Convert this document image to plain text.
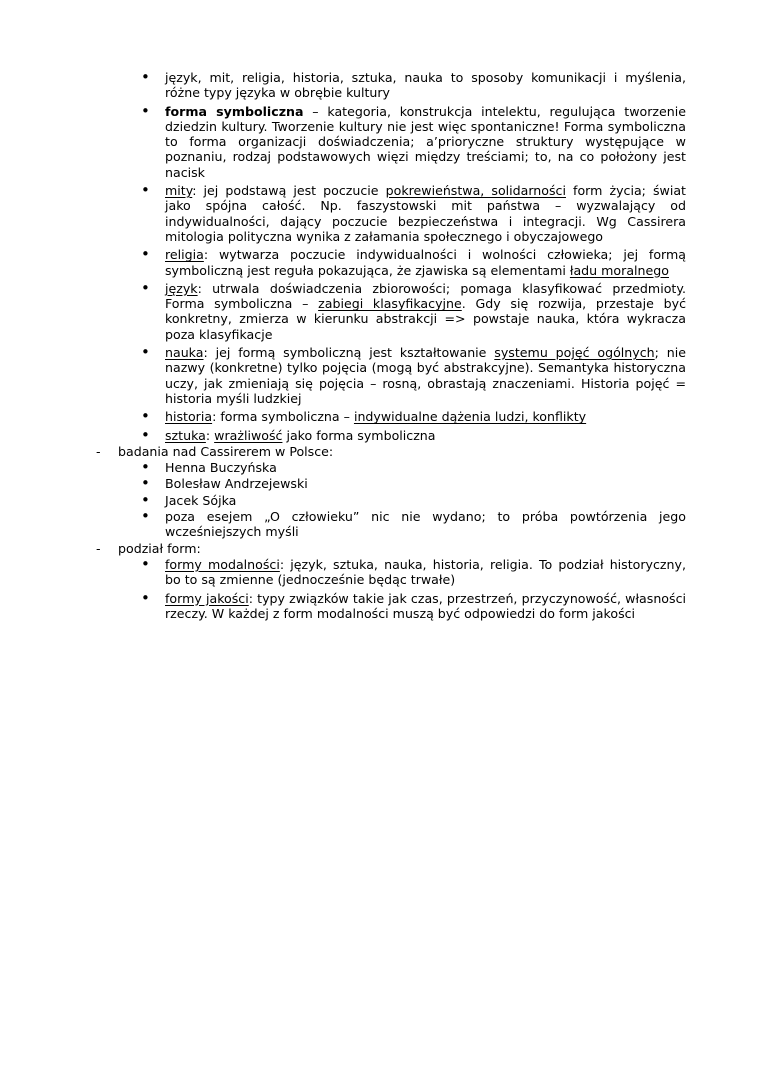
• język, mit, religia, historia, sztuka, nauka to sposoby komunikacji i myślenia, różne typy języka w obrębie kultury

• forma symboliczna – kategoria, konstrukcja intelektu, regulująca tworzenie dziedzin kultury. Tworzenie kultury nie jest więc spontaniczne! Forma symboliczna to forma organizacji doświadczenia; a’prioryczne struktury występujące w poznaniu, rodzaj podstawowych więzi między treściami; to, na co położony jest nacisk

• mity: jej podstawą jest poczucie pokrewieństwa, solidarności form życia; świat jako spójna całość. Np. faszystowski mit państwa – wyzwalający od indywidualności, dający poczucie bezpieczeństwa i integracji. Wg Cassirera mitologia polityczna wynika z załamania społecznego i obyczajowego

• religia: wytwarza poczucie indywidualności i wolności człowieka; jej formą symboliczną jest reguła pokazująca, że zjawiska są elementami ładu moralnego

• język: utrwala doświadczenia zbiorowości; pomaga klasyfikować przedmioty. Forma symboliczna – zabiegi klasyfikacyjne. Gdy się rozwija, przestaje być konkretny, zmierza w kierunku abstrakcji => powstaje nauka, która wykracza poza klasyfikacje

• nauka: jej formą symboliczną jest kształtowanie systemu pojęć ogólnych; nie nazwy (konkretne) tylko pojęcia (mogą być abstrakcyjne). Semantyka historyczna uczy, jak zmieniają się pojęcia – rosną, obrastają znaczeniami. Historia pojęć = historia myśli ludzkiej

• historia: forma symboliczna – indywidualne dążenia ludzi, konflikty

• sztuka: wrażliwość jako forma symboliczna

- badania nad Cassirerem w Polsce:

• Henna Buczyńska

• Bolesław Andrzejewski

• Jacek Sójka

• poza esejem „O człowieku” nic nie wydano; to próba powtórzenia jego wcześniejszych myśli

- podział form:

• formy modalności: język, sztuka, nauka, historia, religia. To podział historyczny, bo to są zmienne (jednocześnie będąc trwałe)

• formy jakości: typy związków takie jak czas, przestrzeń, przyczynowość, własności rzeczy. W każdej z form modalności muszą być odpowiedzi do form jakości
